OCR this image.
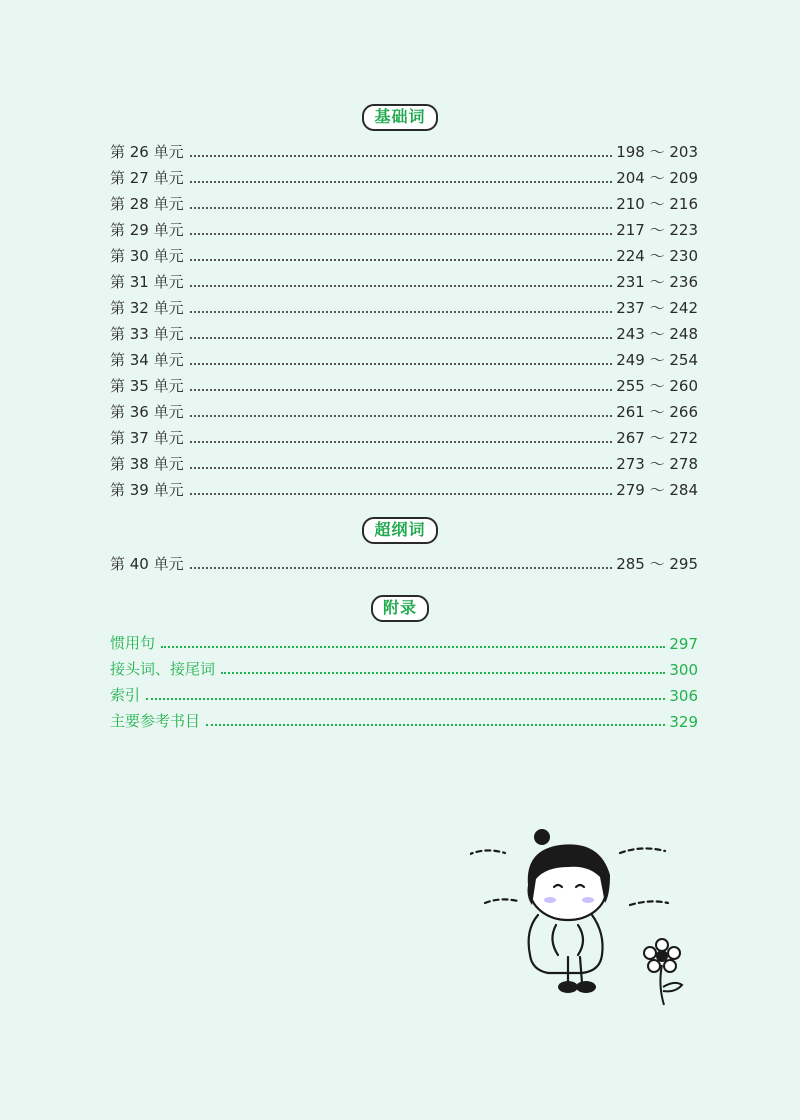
基础词
第 26 单元	198 ～ 203
第 27 单元	204 ～ 209
第 28 单元	210 ～ 216
第 29 单元	217 ～ 223
第 30 单元	224 ～ 230
第 31 单元	231 ～ 236
第 32 单元	237 ～ 242
第 33 单元	243 ～ 248
第 34 单元	249 ～ 254
第 35 单元	255 ～ 260
第 36 单元	261 ～ 266
第 37 单元	267 ～ 272
第 38 单元	273 ～ 278
第 39 单元	279 ～ 284
超纲词
第 40 单元	285 ～ 295
附录
惯用句	297
接头词、接尾词	300
索引	306
主要参考书目	329
